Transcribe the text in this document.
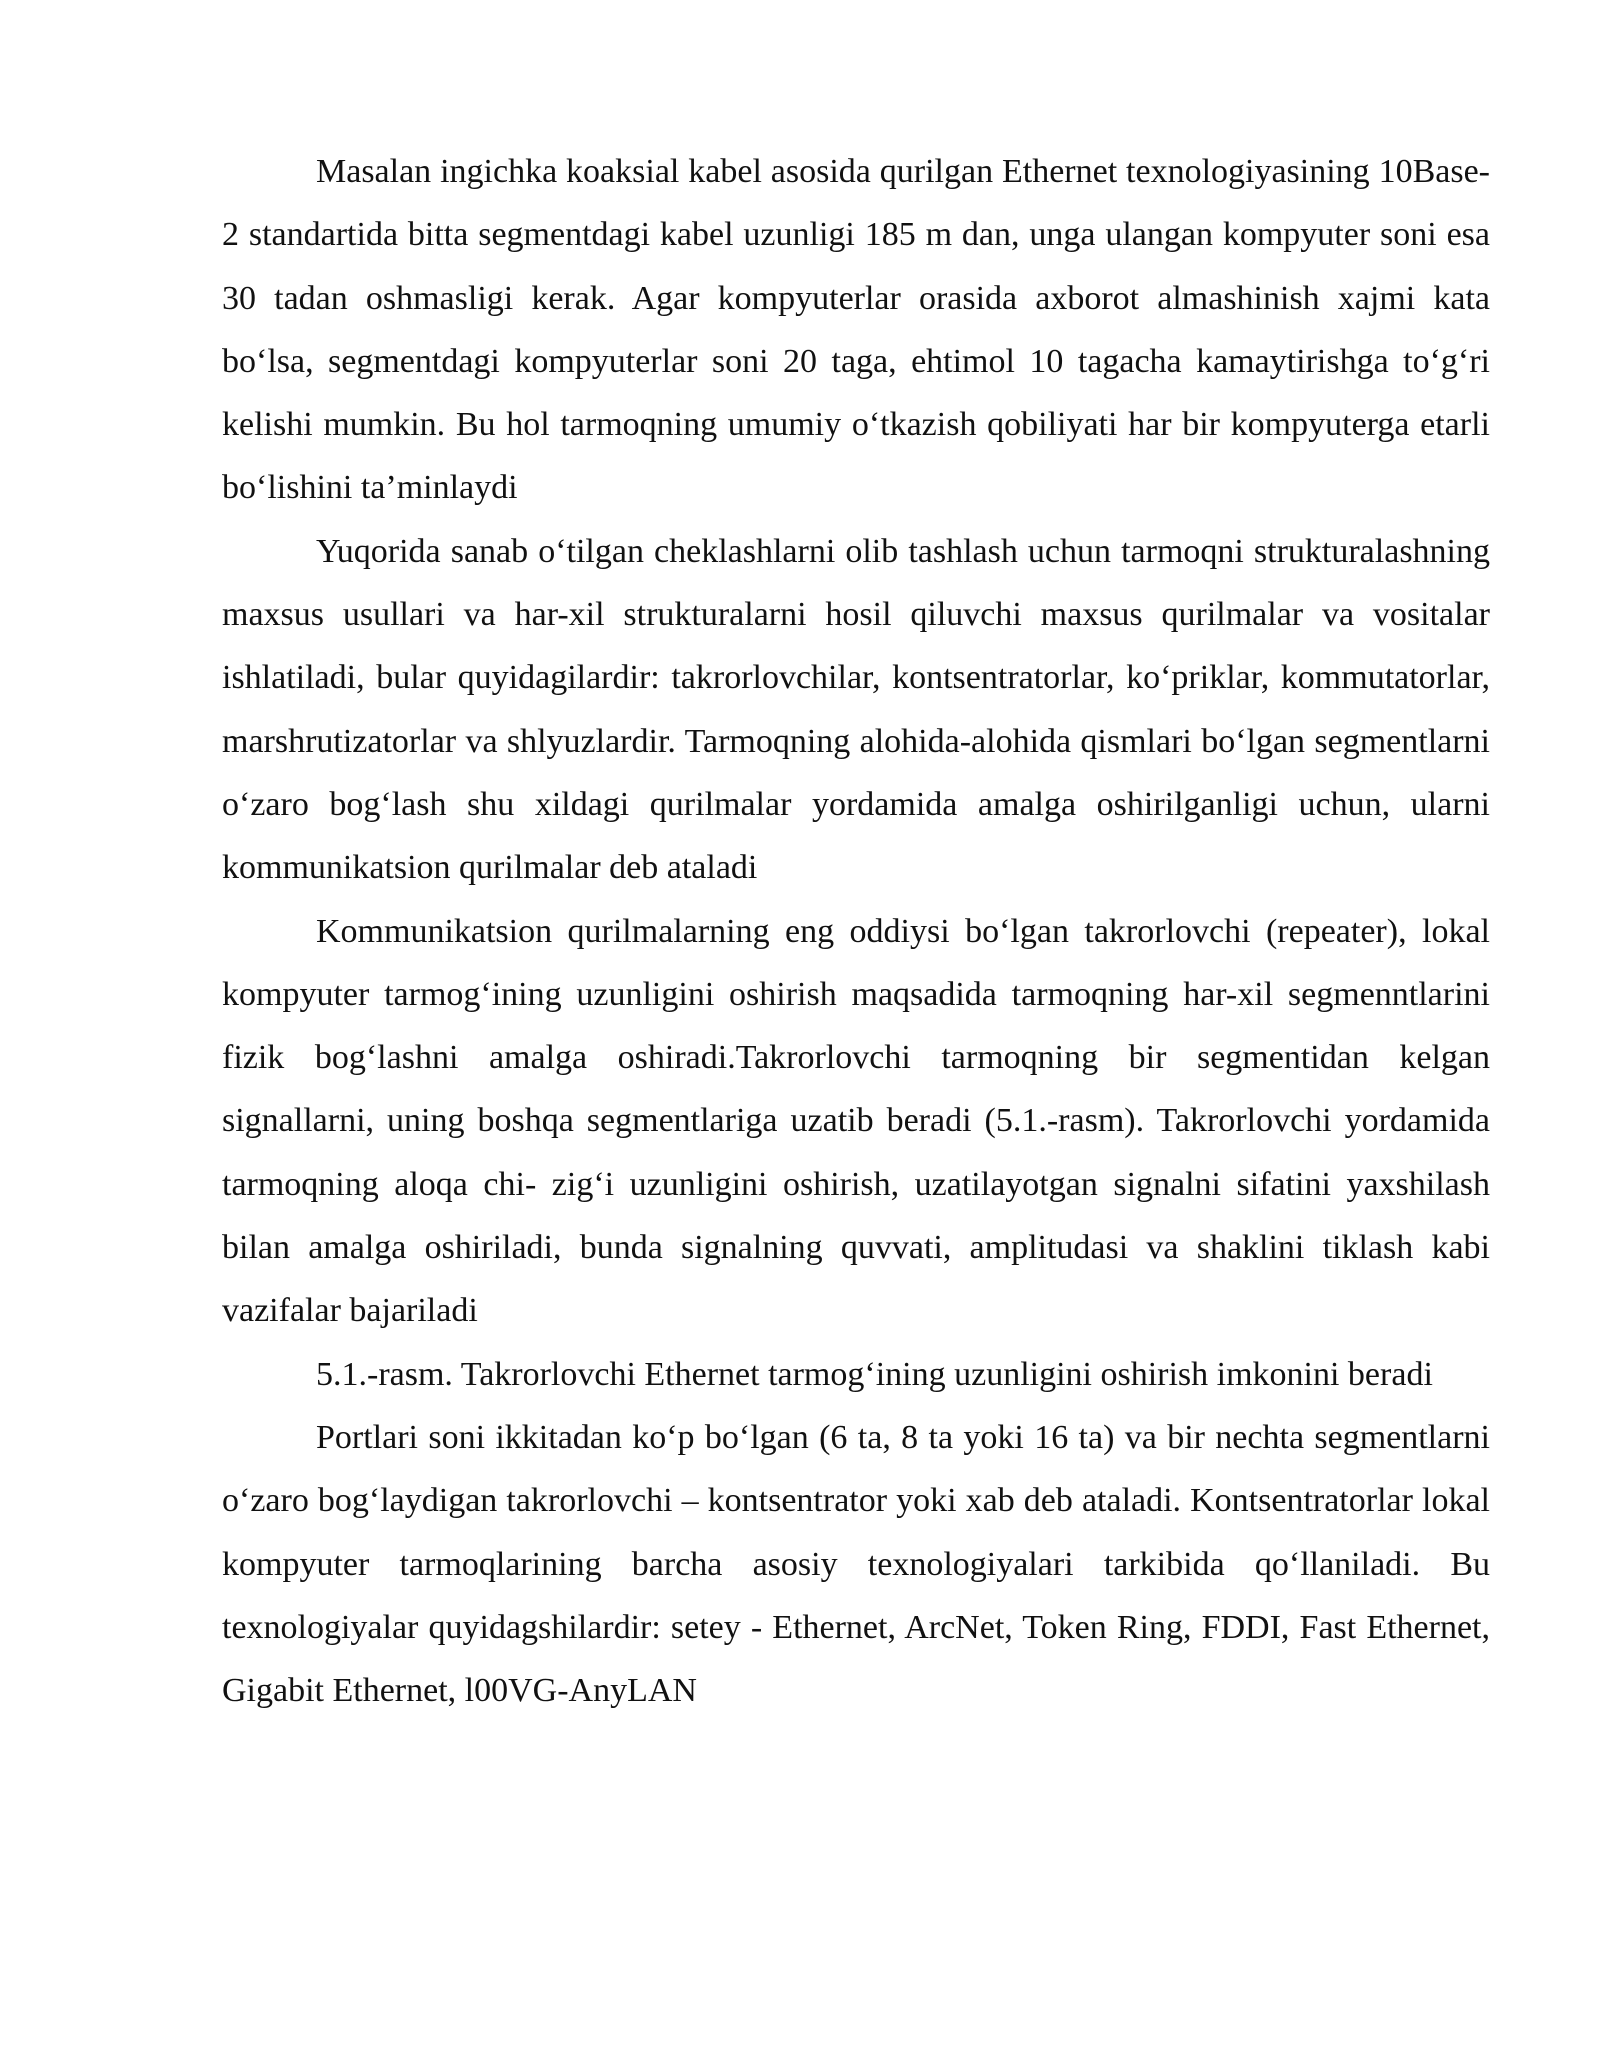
Masalan ingichka koaksial kabel asosida qurilgan Ethernet texnologiyasining 10Base-2 standartida bitta segmentdagi kabel uzunligi 185 m dan, unga ulangan kompyuter soni esa 30 tadan oshmasligi kerak. Agar kompyuterlar orasida axborot almashinish xajmi kata bo‘lsa, segmentdagi kompyuterlar soni 20 taga, ehtimol 10 tagacha kamaytirishga to‘g‘ri kelishi mumkin. Bu hol tarmoqning umumiy o‘tkazish qobiliyati har bir kompyuterga etarli bo‘lishini ta’minlaydi

Yuqorida sanab o‘tilgan cheklashlarni olib tashlash uchun tarmoqni strukturalashning maxsus usullari va har-xil strukturalarni hosil qiluvchi maxsus qurilmalar va vositalar ishlatiladi, bular quyidagilardir: takrorlovchilar, kontsentratorlar, ko‘priklar, kommutatorlar, marshrutizatorlar va shlyuzlardir. Tarmoqning alohida-alohida qismlari bo‘lgan segmentlarni o‘zaro bog‘lash shu xildagi qurilmalar yordamida amalga oshirilganligi uchun, ularni kommunikatsion qurilmalar deb ataladi

Kommunikatsion qurilmalarning eng oddiysi bo‘lgan takrorlovchi (repeater), lokal kompyuter tarmog‘ining uzunligini oshirish maqsadida tarmoqning har-xil segmenntlarini fizik bog‘lashni amalga oshiradi.Takrorlovchi tarmoqning bir segmentidan kelgan signallarni, uning boshqa segmentlariga uzatib beradi (5.1.-rasm). Takrorlovchi yordamida tarmoqning aloqa chi- zig‘i uzunligini oshirish, uzatilayotgan signalni sifatini yaxshilash bilan amalga oshiriladi, bunda signalning quvvati, amplitudasi va shaklini tiklash kabi vazifalar bajariladi

5.1.-rasm. Takrorlovchi Ethernet tarmog‘ining uzunligini oshirish imkonini beradi

Portlari soni ikkitadan ko‘p bo‘lgan (6 ta, 8 ta yoki 16 ta) va bir nechta segmentlarni o‘zaro bog‘laydigan takrorlovchi – kontsentrator yoki xab deb ataladi. Kontsentratorlar lokal kompyuter tarmoqlarining barcha asosiy texnologiyalari tarkibida qo‘llaniladi. Bu texnologiyalar quyidagshilardir: setey - Ethernet, ArcNet, Token Ring, FDDI, Fast Ethernet, Gigabit Ethernet, l00VG-AnyLAN
